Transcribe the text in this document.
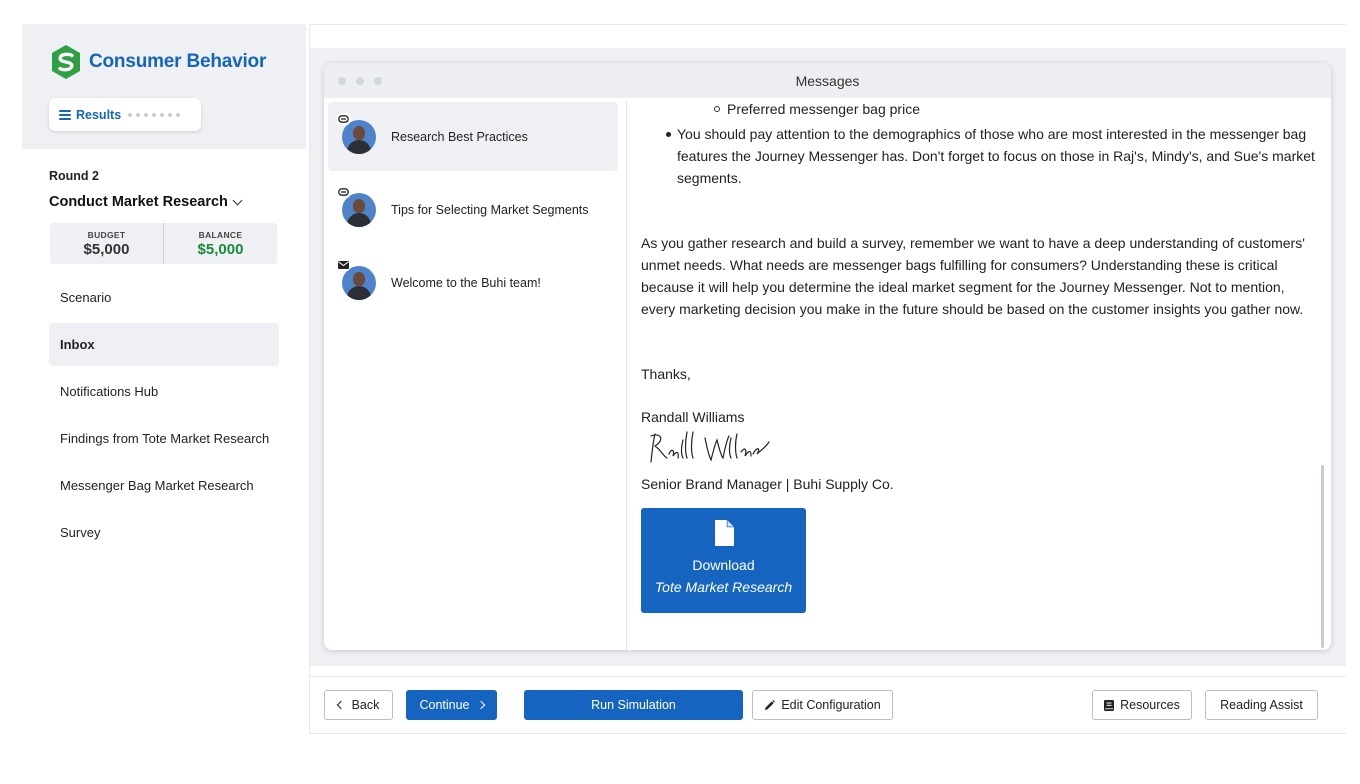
Consumer Behavior
Results
Round 2
Conduct Market Research
BUDGET
$5,000
BALANCE
$5,000
Scenario
Inbox
Notifications Hub
Findings from Tote Market Research
Messenger Bag Market Research
Survey
Messages
Research Best Practices
Tips for Selecting Market Segments
Welcome to the Buhi team!
Preferred messenger bag price
You should pay attention to the demographics of those who are most interested in the messenger bag features the Journey Messenger has. Don't forget to focus on those in Raj's, Mindy's, and Sue's market segments.

As you gather research and build a survey, remember we want to have a deep understanding of customers' unmet needs. What needs are messenger bags fulfilling for consumers? Understanding these is critical because it will help you determine the ideal market segment for the Journey Messenger. Not to mention, every marketing decision you make in the future should be based on the customer insights you gather now.

Thanks,

Randall Williams

Senior Brand Manager | Buhi Supply Co.

Download
Tote Market Research
Back	Continue	Run Simulation	Edit Configuration	Resources	Reading Assist
